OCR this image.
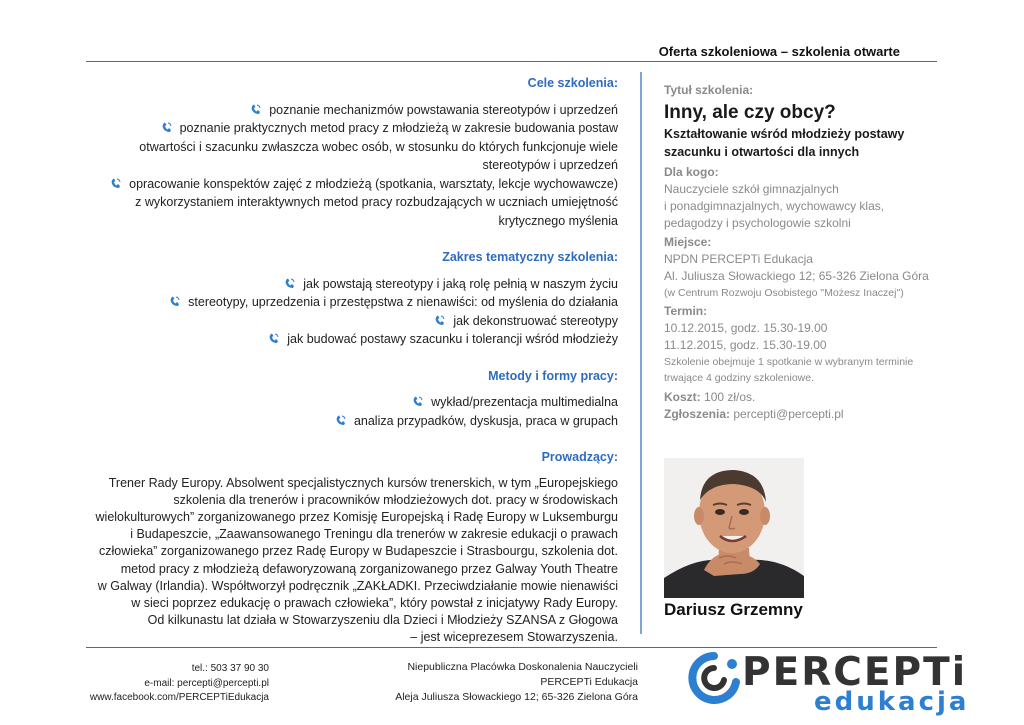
Oferta szkoleniowa – szkolenia otwarte
Cele szkolenia:
poznanie mechanizmów powstawania stereotypów i uprzedzeń
poznanie praktycznych metod pracy z młodzieżą w zakresie budowania postaw
otwartości i szacunku zwłaszcza wobec osób, w stosunku do których funkcjonuje wiele
stereotypów i uprzedzeń
opracowanie konspektów zajęć z młodzieżą (spotkania, warsztaty, lekcje wychowawcze)
z wykorzystaniem interaktywnych metod pracy rozbudzających w uczniach umiejętność
krytycznego myślenia
Zakres tematyczny szkolenia:
jak powstają stereotypy i jaką rolę pełnią w naszym życiu
stereotypy, uprzedzenia i przestępstwa z nienawiści: od myślenia do działania
jak dekonstruować stereotypy
jak budować postawy szacunku i tolerancji wśród młodzieży
Metody i formy pracy:
wykład/prezentacja multimedialna
analiza przypadków, dyskusja, praca w grupach
Prowadzący:
Trener Rady Europy. Absolwent specjalistycznych kursów trenerskich, w tym „Europejskiego
szkolenia dla trenerów i pracowników młodzieżowych dot. pracy w środowiskach
wielokulturowych” zorganizowanego przez Komisję Europejską i Radę Europy w Luksemburgu
i Budapeszcie, „Zaawansowanego Treningu dla trenerów w zakresie edukacji o prawach
człowieka” zorganizowanego przez Radę Europy w Budapeszcie i Strasbourgu, szkolenia dot.
metod pracy z młodzieżą defaworyzowaną zorganizowanego przez Galway Youth Theatre
w Galway (Irlandia). Współtworzył podręcznik „ZAKŁADKI. Przeciwdziałanie mowie nienawiści
w sieci poprzez edukację o prawach człowieka”, który powstał z inicjatywy Rady Europy.
Od kilkunastu lat działa w Stowarzyszeniu dla Dzieci i Młodzieży SZANSA z Głogowa
– jest wiceprezesem Stowarzyszenia.
Tytuł szkolenia:
Inny, ale czy obcy?
Kształtowanie wśród młodzieży postawy
szacunku i otwartości dla innych
Dla kogo:
Nauczyciele szkół gimnazjalnych
i ponadgimnazjalnych, wychowawcy klas,
pedagodzy i psychologowie szkolni
Miejsce:
NPDN PERCEPTi Edukacja
Al. Juliusza Słowackiego 12; 65-326 Zielona Góra
(w Centrum Rozwoju Osobistego "Możesz Inaczej")
Termin:
10.12.2015, godz. 15.30-19.00
11.12.2015, godz. 15.30-19.00
Szkolenie obejmuje 1 spotkanie w wybranym terminie
trwające 4 godziny szkoleniowe.
Koszt: 100 zł/os.
Zgłoszenia: percepti@percepti.pl
Dariusz Grzemny
tel.: 503 37 90 30
e-mail: percepti@percepti.pl
www.facebook.com/PERCEPTiEdukacja
Niepubliczna Placówka Doskonalenia Nauczycieli
PERCEPTi Edukacja
Aleja Juliusza Słowackiego 12; 65-326 Zielona Góra
PERCEPTi
edukacja
